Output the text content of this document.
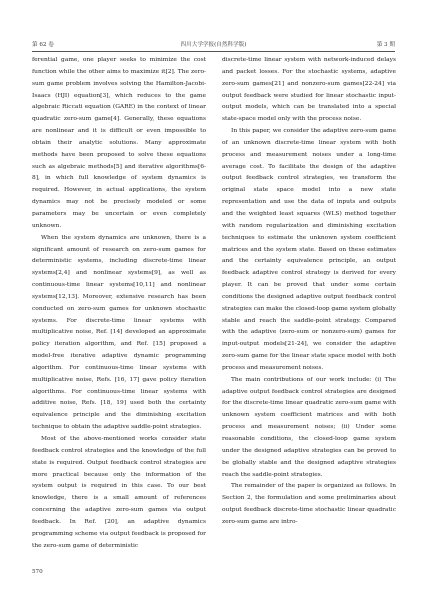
第 62 卷	四川大学学报(自然科学版)	第 3 期

ferential game, one player seeks to minimize the cost function while the other aims to maximize it[2]. The zero-sum game problem involves solving the Hamilton-Jacobi-Isaacs (HJI) equation[3], which reduces to the game algebraic Riccati equation (GARE) in the context of linear quadratic zero-sum game[4]. Generally, these equations are nonlinear and it is difficult or even impossible to obtain their analytic solutions. Many approximate methods have been proposed to solve these equations such as algebraic methods[5] and iterative algorithms[6-8], in which full knowledge of system dynamics is required. However, in actual applications, the system dynamics may not be precisely modeled or some parameters may be uncertain or even completely unknown.

When the system dynamics are unknown, there is a significant amount of research on zero-sum games for deterministic systems, including discrete-time linear systems[2,4] and nonlinear systems[9], as well as continuous-time linear systems[10,11] and nonlinear systems[12,13]. Moreover, extensive research has been conducted on zero-sum games for unknown stochastic systems. For discrete-time linear systems with multiplicative noise, Ref. [14] developed an approximate policy iteration algorithm, and Ref. [15] proposed a model-free iterative adaptive dynamic programming algorithm. For continuous-time linear systems with multiplicative noise, Refs. [16, 17] gave policy iteration algorithms. For continuous-time linear systems with additive noise, Refs. [18, 19] used both the certainty equivalence principle and the diminishing excitation technique to obtain the adaptive saddle-point strategies.

Most of the above-mentioned works consider state feedback control strategies and the knowledge of the full state is required. Output feedback control strategies are more practical because only the information of the system output is required in this case. To our best knowledge, there is a small amount of references concerning the adaptive zero-sum games via output feedback. In Ref. [20], an adaptive dynamics programming scheme via output feedback is proposed for the zero-sum game of deterministic

discrete-time linear system with network-induced delays and packet losses. For the stochastic systems, adaptive zero-sum games[21] and nonzero-sum games[22-24] via output feedback were studied for linear stochastic input-output models, which can be translated into a special state-space model only with the process noise.

In this paper, we consider the adaptive zero-sum game of an unknown discrete-time linear system with both process and measurement noises under a long-time average cost. To facilitate the design of the adaptive output feedback control strategies, we transform the original state space model into a new state representation and use the data of inputs and outputs and the weighted least squares (WLS) method together with random regularization and diminishing excitation techniques to estimate the unknown system coefficient matrices and the system state. Based on these estimates and the certainty equivalence principle, an output feedback adaptive control strategy is derived for every player. It can be proved that under some certain conditions the designed adaptive output feedback control strategies can make the closed-loop game system globally stable and reach the saddle-point strategy. Compared with the adaptive (zero-sum or nonzero-sum) games for input-output models[21-24], we consider the adaptive zero-sum game for the linear state space model with both process and measurement noises.

The main contributions of our work include: (i) The adaptive output feedback control strategies are designed for the discrete-time linear quadratic zero-sum game with unknown system coefficient matrices and with both process and measurement noises; (ii) Under some reasonable conditions, the closed-loop game system under the designed adaptive strategies can be proved to be globally stable and the designed adaptive strategies reach the saddle-point strategies.

The remainder of the paper is organized as follows. In Section 2, the formulation and some preliminaries about output feedback discrete-time stochastic linear quadratic zero-sum game are intro-

570
